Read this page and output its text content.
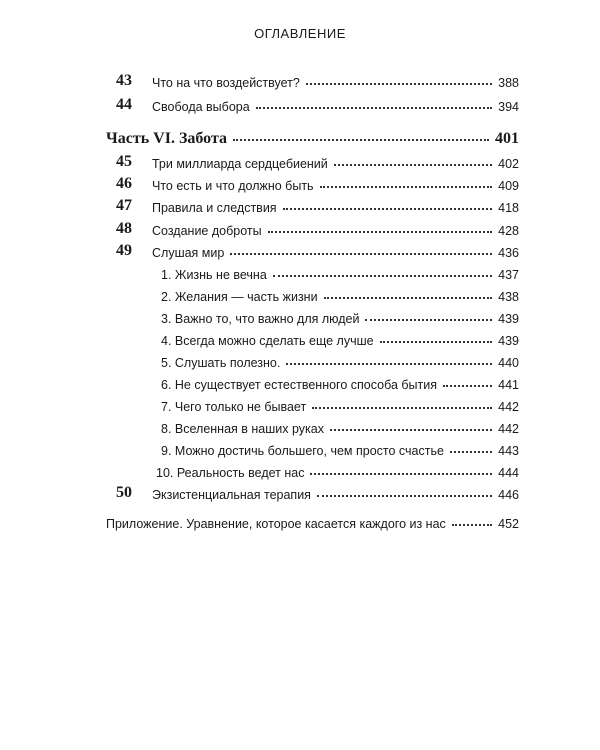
ОГЛАВЛЕНИЕ
43 Что на что воздействует?	388
44 Свобода выбора	394
Часть VI. Забота	401
45 Три миллиарда сердцебиений	402
46 Что есть и что должно быть	409
47 Правила и следствия	418
48 Создание доброты	428
49 Слушая мир	436
1. Жизнь не вечна	437
2. Желания — часть жизни	438
3. Важно то, что важно для людей	439
4. Всегда можно сделать еще лучше	439
5. Слушать полезно.	440
6. Не существует естественного способа бытия	441
7. Чего только не бывает	442
8. Вселенная в наших руках	442
9. Можно достичь большего, чем просто счастье	443
10. Реальность ведет нас	444
50 Экзистенциальная терапия	446
Приложение. Уравнение, которое касается каждого из нас	452
